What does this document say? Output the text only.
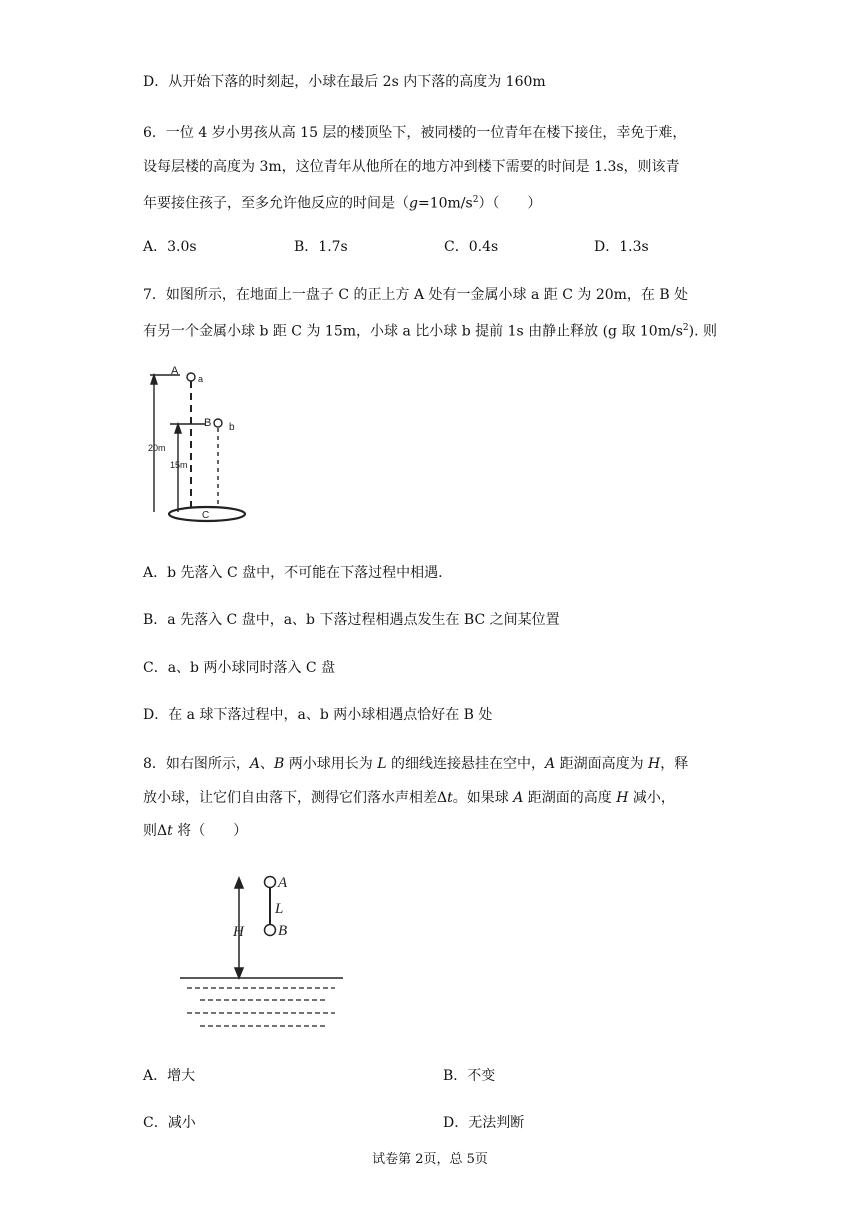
D．从开始下落的时刻起，小球在最后 2s 内下落的高度为 160m
6．一位 4 岁小男孩从高 15 层的楼顶坠下，被同楼的一位青年在楼下接住，幸免于难，
设每层楼的高度为 3m，这位青年从他所在的地方冲到楼下需要的时间是 1.3s，则该青
年要接住孩子，至多允许他反应的时间是$(g=10m/s^2)$（　　）
A．3.0s	B．1.7s	C．0.4s	D．1.3s
7．如图所示，在地面上一盘子 C 的正上方 A 处有一金属小球 a 距 C 为 20m，在 B 处
有另一个金属小球 b 距 C 为 15m，小球 a 比小球 b 提前 1s 由静止释放 (g 取 $10m/s^2$). 则
A
a
B b
20m
15m
C
A．b 先落入 C 盘中，不可能在下落过程中相遇.
B．a 先落入 C 盘中，a、b 下落过程相遇点发生在 BC 之间某位置
C．a、b 两小球同时落入 C 盘
D．在 a 球下落过程中，a、b 两小球相遇点恰好在 B 处
8．如右图所示，A、B 两小球用长为 L 的细线连接悬挂在空中，A 距湖面高度为 H，释
放小球，让它们自由落下，测得它们落水声相差Δt。如果球 A 距湖面的高度 H 减小，
则Δt 将（　　）
A
L
B
H
A．增大	B．不变
C．减小	D．无法判断
试卷第 2页，总 5页
